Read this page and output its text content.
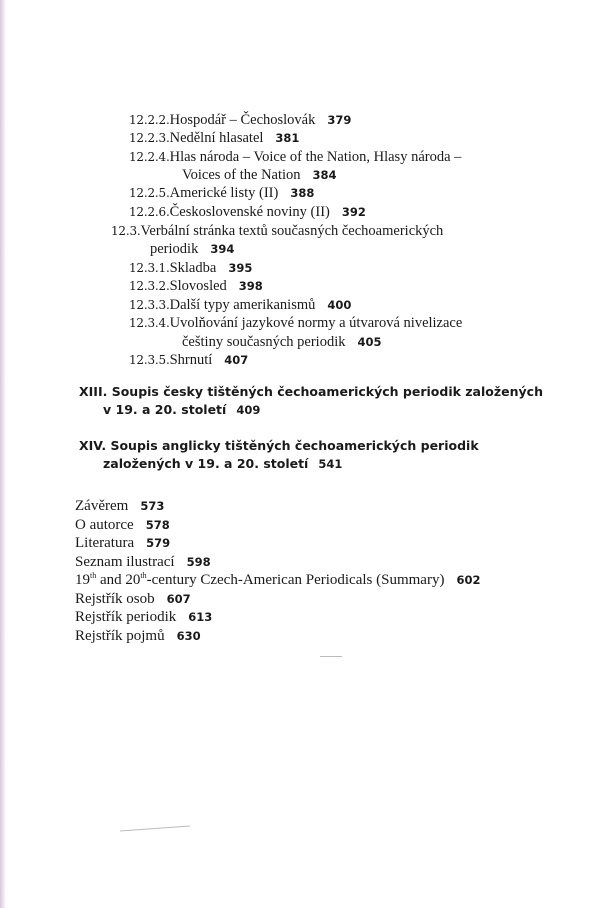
12.2.2.Hospodář – Čechoslovák 379
12.2.3.Nedělní hlasatel 381
12.2.4.Hlas národa – Voice of the Nation, Hlasy národa –
Voices of the Nation 384
12.2.5.Americké listy (II) 388
12.2.6.Československé noviny (II) 392
12.3.Verbální stránka textů současných čechoamerických
periodik 394
12.3.1.Skladba 395
12.3.2.Slovosled 398
12.3.3.Další typy amerikanismů 400
12.3.4.Uvolňování jazykové normy a útvarová nivelizace
češtiny současných periodik 405
12.3.5.Shrnutí 407
XIII. Soupis česky tištěných čechoamerických periodik založených
v 19. a 20. století 409
XIV. Soupis anglicky tištěných čechoamerických periodik
založených v 19. a 20. století 541
Závěrem 573
O autorce 578
Literatura 579
Seznam ilustrací 598
19th and 20th-century Czech-American Periodicals (Summary) 602
Rejstřík osob 607
Rejstřík periodik 613
Rejstřík pojmů 630
